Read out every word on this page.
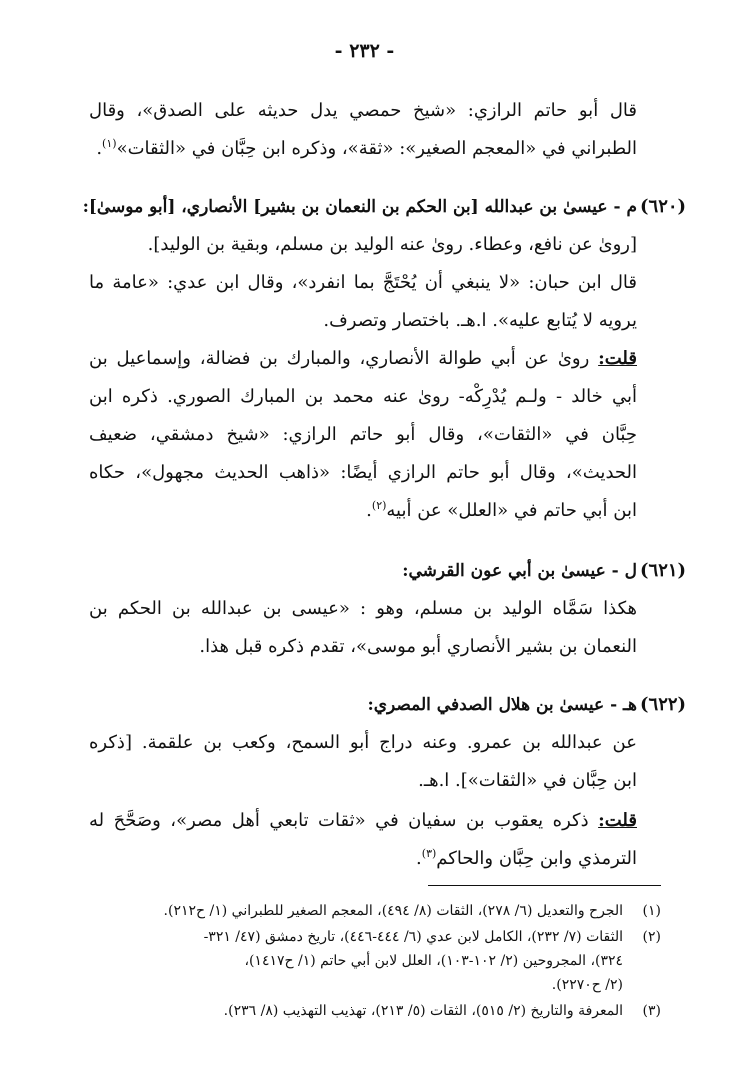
- ٢٣٢ -
قال أبو حاتم الرازي: «شيخ حمصي يدل حديثه على الصدق»، وقال
الطبراني في «المعجم الصغير»: «ثقة»، وذكره ابن حِبَّان في «الثقات»$^{(١)}$.
(٦٢٠)
م - عيسىٰ بن عبدالله [بن الحكم بن النعمان بن بشير] الأنصاري، [أبو موسىٰ]:
[روىٰ عن نافع، وعطاء. روىٰ عنه الوليد بن مسلم، وبقية بن الوليد].
قال ابن حبان: «لا ينبغي أن يُحْتَجَّ بما انفرد»، وقال ابن عدي: «عامة ما
يرويه لا يُتابع عليه». ا.هـ. باختصار وتصرف.
قلت: روىٰ عن أبي طوالة الأنصاري، والمبارك بن فضالة، وإسماعيل بن
أبي خالد - ولـم يُدْرِكْه- روىٰ عنه محمد بن المبارك الصوري. ذكره ابن
حِبَّان في «الثقات»، وقال أبو حاتم الرازي: «شيخ دمشقي، ضعيف
الحديث»، وقال أبو حاتم الرازي أيضًا: «ذاهب الحديث مجهول»، حكاه
ابن أبي حاتم في «العلل» عن أبيه$^{(٢)}$.
(٦٢١)
ل - عيسىٰ بن أبي عون القرشي:
هكذا سَمَّاه الوليد بن مسلم، وهو : «عيسى بن عبدالله بن الحكم بن
النعمان بن بشير الأنصاري أبو موسى»، تقدم ذكره قبل هذا.
(٦٢٢)
هـ - عيسىٰ بن هلال الصدفي المصري:
عن عبدالله بن عمرو. وعنه دراج أبو السمح، وكعب بن علقمة. [ذكره
ابن حِبَّان في «الثقات»]. ا.هـ.
قلت: ذكره يعقوب بن سفيان في «ثقات تابعي أهل مصر»، وصَحَّحَ له
الترمذي وابن حِبَّان والحاكم$^{(٣)}$.
(١)الجرح والتعديل (٦/ ٢٧٨)، الثقات (٨/ ٤٩٤)، المعجم الصغير للطبراني (١/ ح٢١٢).
(٢)الثقات (٧/ ٢٣٢)، الكامل لابن عدي (٦/ ٤٤٤-٤٤٦)، تاريخ دمشق (٤٧/ ٣٢١-
٣٢٤)، المجروحين (٢/ ١٠٢-١٠٣)، العلل لابن أبي حاتم (١/ ح١٤١٧)،
(٢/ ح٢٢٧٠).
(٣)المعرفة والتاريخ (٢/ ٥١٥)، الثقات (٥/ ٢١٣)، تهذيب التهذيب (٨/ ٢٣٦).
